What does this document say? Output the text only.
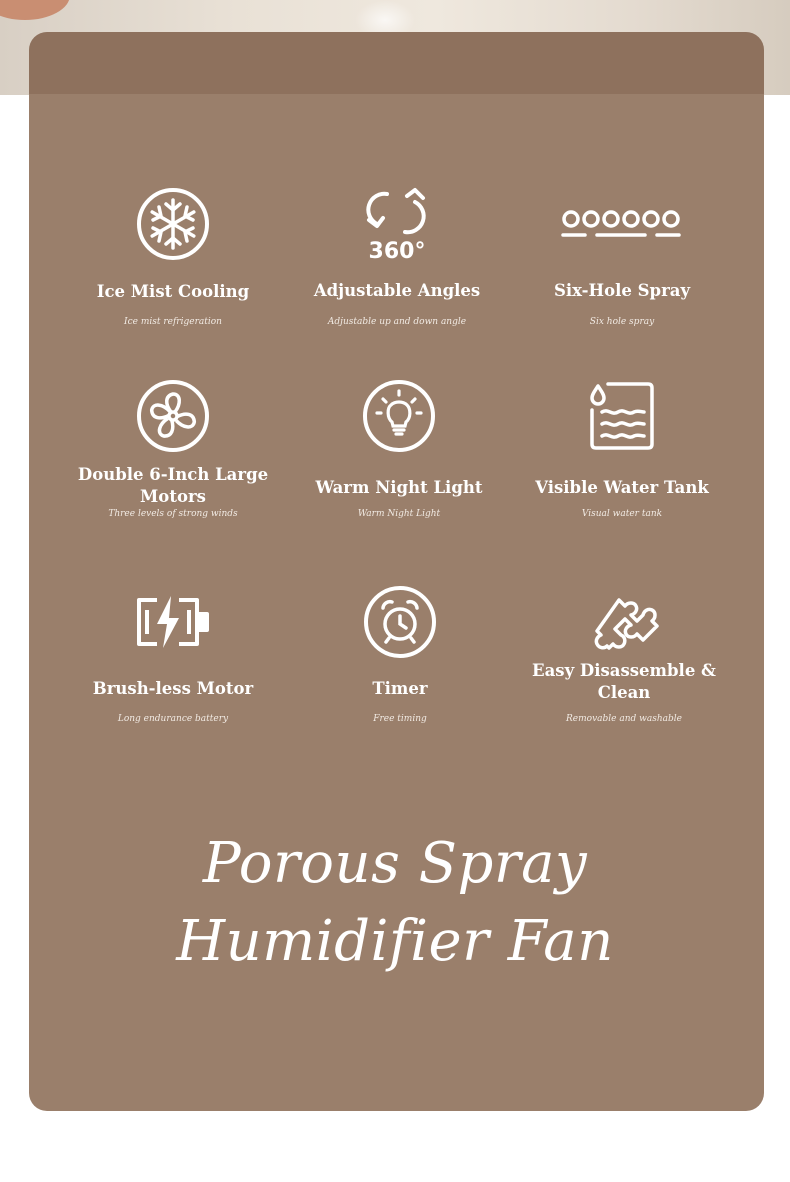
Ice Mist Cooling
Ice mist refrigeration
360°
Adjustable Angles
Adjustable up and down angle
Six-Hole Spray
Six hole spray
Double 6-Inch Large Motors
Three levels of strong winds
Warm Night Light
Warm Night Light
Visible Water Tank
Visual water tank
Brush-less Motor
Long endurance battery
Timer
Free timing
Easy Disassemble & Clean
Removable and washable
Porous Spray
Humidifier Fan
